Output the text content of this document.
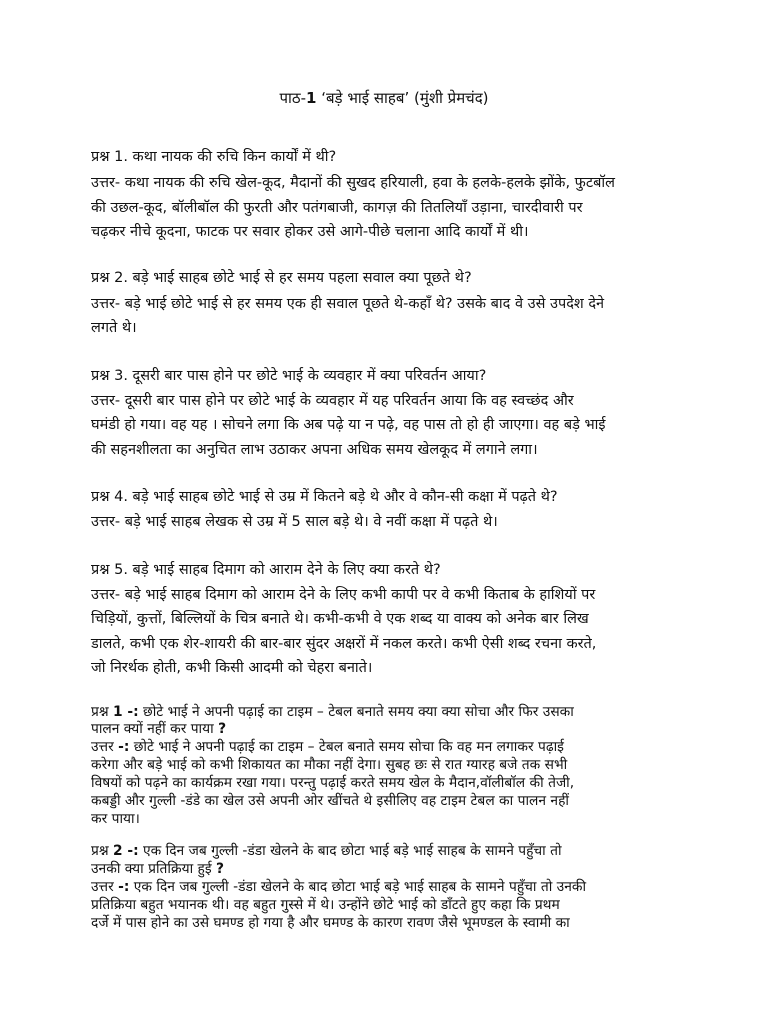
पाठ-1 ‘बड़े भाई साहब’ (मुंशी प्रेमचंद)
प्रश्न 1. कथा नायक की रुचि किन कार्यों में थी?
उत्तर- कथा नायक की रुचि खेल-कूद, मैदानों की सुखद हरियाली, हवा के हलके-हलके झोंके, फुटबॉल
की उछल-कूद, बॉलीबॉल की फुरती और पतंगबाजी, कागज़ की तितलियाँ उड़ाना, चारदीवारी पर
चढ़कर नीचे कूदना, फाटक पर सवार होकर उसे आगे-पीछे चलाना आदि कार्यों में थी।
प्रश्न 2. बड़े भाई साहब छोटे भाई से हर समय पहला सवाल क्या पूछते थे?
उत्तर- बड़े भाई छोटे भाई से हर समय एक ही सवाल पूछते थे-कहाँ थे? उसके बाद वे उसे उपदेश देने
लगते थे।
प्रश्न 3. दूसरी बार पास होने पर छोटे भाई के व्यवहार में क्या परिवर्तन आया?
उत्तर- दूसरी बार पास होने पर छोटे भाई के व्यवहार में यह परिवर्तन आया कि वह स्वच्छंद और
घमंडी हो गया। वह यह । सोचने लगा कि अब पढ़े या न पढ़े, वह पास तो हो ही जाएगा। वह बड़े भाई
की सहनशीलता का अनुचित लाभ उठाकर अपना अधिक समय खेलकूद में लगाने लगा।
प्रश्न 4. बड़े भाई साहब छोटे भाई से उम्र में कितने बड़े थे और वे कौन-सी कक्षा में पढ़ते थे?
उत्तर- बड़े भाई साहब लेखक से उम्र में 5 साल बड़े थे। वे नवीं कक्षा में पढ़ते थे।
प्रश्न 5. बड़े भाई साहब दिमाग को आराम देने के लिए क्या करते थे?
उत्तर- बड़े भाई साहब दिमाग को आराम देने के लिए कभी कापी पर वे कभी किताब के हाशियों पर
चिड़ियों, कुत्तों, बिल्लियों के चित्र बनाते थे। कभी-कभी वे एक शब्द या वाक्य को अनेक बार लिख
डालते, कभी एक शेर-शायरी की बार-बार सुंदर अक्षरों में नकल करते। कभी ऐसी शब्द रचना करते,
जो निरर्थक होती, कभी किसी आदमी को चेहरा बनाते।
प्रश्न 1 -: छोटे भाई ने अपनी पढ़ाई का टाइम – टेबल बनाते समय क्या क्या सोचा और फिर उसका
पालन क्यों नहीं कर पाया ?
उत्तर -: छोटे भाई ने अपनी पढ़ाई का टाइम – टेबल बनाते समय सोचा कि वह मन लगाकर पढ़ाई
करेगा और बड़े भाई को कभी शिकायत का मौका नहीं देगा। सुबह छः से रात ग्यारह बजे तक सभी
विषयों को पढ़ने का कार्यक्रम रखा गया। परन्तु पढ़ाई करते समय खेल के मैदान,वॉलीबॉल की तेजी,
कबड्डी और गुल्ली -डंडे का खेल उसे अपनी ओर खींचते थे इसीलिए वह टाइम टेबल का पालन नहीं
कर पाया।
प्रश्न 2 -: एक दिन जब गुल्ली -डंडा खेलने के बाद छोटा भाई बड़े भाई साहब के सामने पहुँचा तो
उनकी क्या प्रतिक्रिया हुई ?
उत्तर -: एक दिन जब गुल्ली -डंडा खेलने के बाद छोटा भाई बड़े भाई साहब के सामने पहुँचा तो उनकी
प्रतिक्रिया बहुत भयानक थी। वह बहुत गुस्से में थे। उन्होंने छोटे भाई को डाँटते हुए कहा कि प्रथम
दर्जे में पास होने का उसे घमण्ड हो गया है और घमण्ड के कारण रावण जैसे भूमण्डल के स्वामी का
